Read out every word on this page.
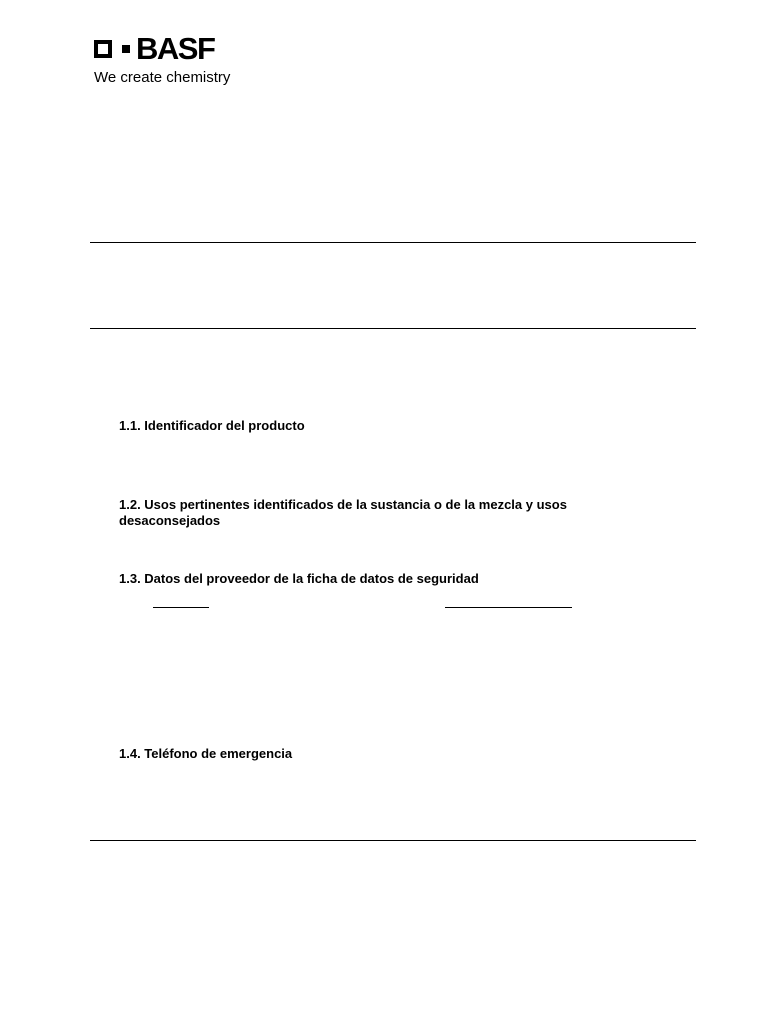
BASF
We create chemistry
1.1. Identificador del producto
1.2. Usos pertinentes identificados de la sustancia o de la mezcla y usos desaconsejados
1.3. Datos del proveedor de la ficha de datos de seguridad
1.4. Teléfono de emergencia
